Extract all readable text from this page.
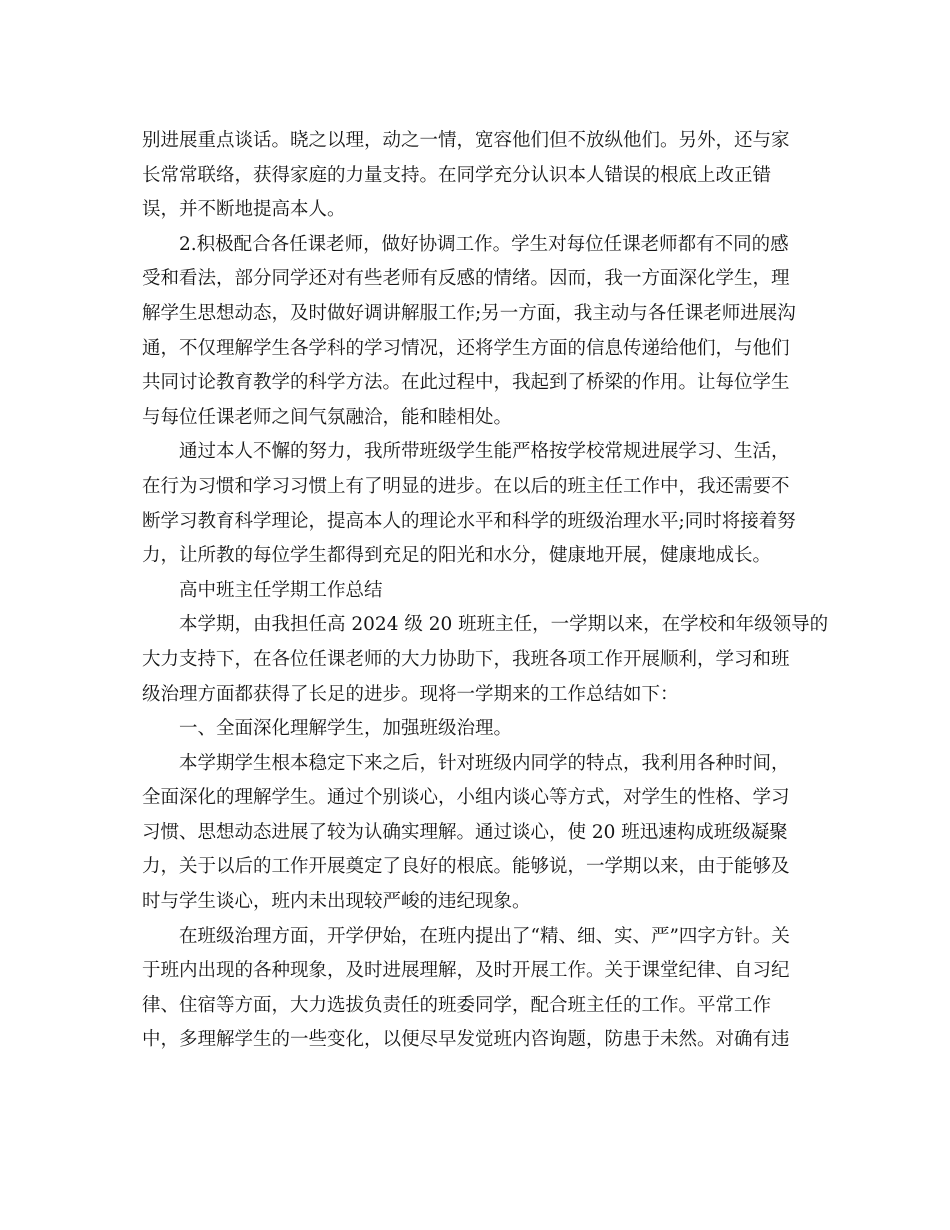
别进展重点谈话。晓之以理，动之一情，宽容他们但不放纵他们。另外，还与家
长常常联络，获得家庭的力量支持。在同学充分认识本人错误的根底上改正错
误，并不断地提高本人。
2.积极配合各任课老师，做好协调工作。学生对每位任课老师都有不同的感
受和看法，部分同学还对有些老师有反感的情绪。因而，我一方面深化学生，理
解学生思想动态，及时做好调讲解服工作;另一方面，我主动与各任课老师进展沟
通，不仅理解学生各学科的学习情况，还将学生方面的信息传递给他们，与他们
共同讨论教育教学的科学方法。在此过程中，我起到了桥梁的作用。让每位学生
与每位任课老师之间气氛融洽，能和睦相处。
通过本人不懈的努力，我所带班级学生能严格按学校常规进展学习、生活，
在行为习惯和学习习惯上有了明显的进步。在以后的班主任工作中，我还需要不
断学习教育科学理论，提高本人的理论水平和科学的班级治理水平;同时将接着努
力，让所教的每位学生都得到充足的阳光和水分，健康地开展，健康地成长。
高中班主任学期工作总结
本学期，由我担任高 2024 级 20 班班主任，一学期以来，在学校和年级领导的
大力支持下，在各位任课老师的大力协助下，我班各项工作开展顺利，学习和班
级治理方面都获得了长足的进步。现将一学期来的工作总结如下：
一、全面深化理解学生，加强班级治理。
本学期学生根本稳定下来之后，针对班级内同学的特点，我利用各种时间，
全面深化的理解学生。通过个别谈心，小组内谈心等方式，对学生的性格、学习
习惯、思想动态进展了较为认确实理解。通过谈心，使 20 班迅速构成班级凝聚
力，关于以后的工作开展奠定了良好的根底。能够说，一学期以来，由于能够及
时与学生谈心，班内未出现较严峻的违纪现象。
在班级治理方面，开学伊始，在班内提出了“精、细、实、严”四字方针。关
于班内出现的各种现象，及时进展理解，及时开展工作。关于课堂纪律、自习纪
律、住宿等方面，大力选拔负责任的班委同学，配合班主任的工作。平常工作
中，多理解学生的一些变化，以便尽早发觉班内咨询题，防患于未然。对确有违
